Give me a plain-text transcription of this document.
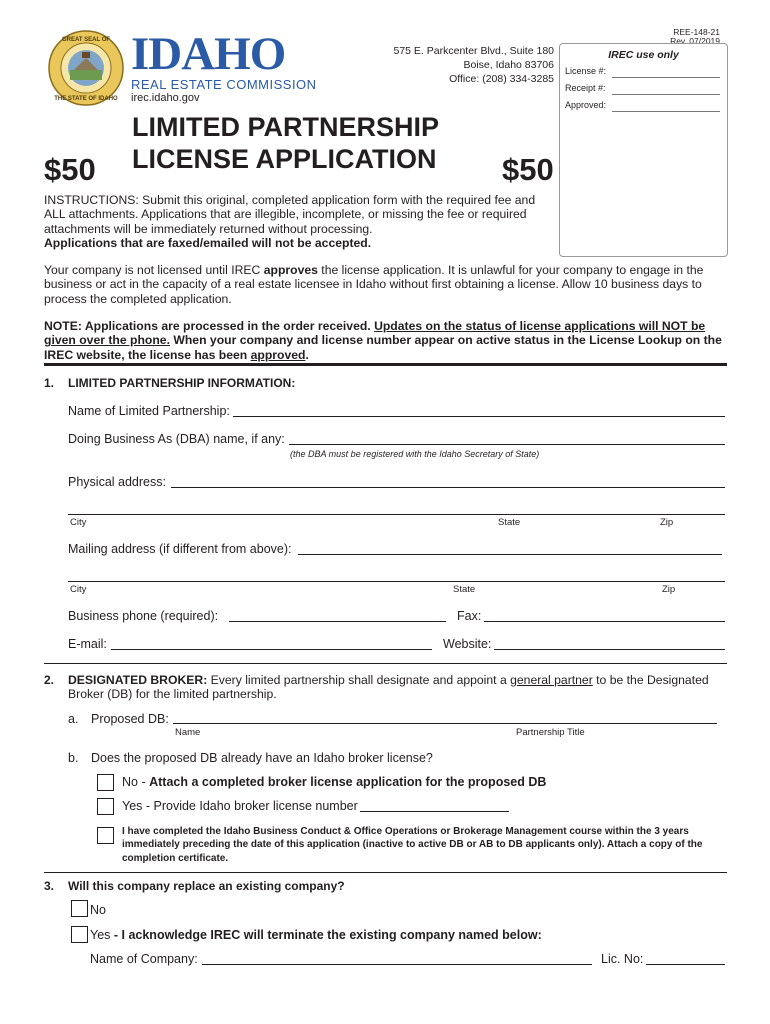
REE-148-21
Rev. 07/2019
GREAT SEAL OF
THE STATE OF IDAHO
IDAHO
REAL ESTATE COMMISSION
irec.idaho.gov
575 E. Parkcenter Blvd., Suite 180
Boise, Idaho 83706
Office: (208) 334-3285
IREC use only
License #:
Receipt #:
Approved:
LIMITED PARTNERSHIP
LICENSE APPLICATION
$50	$50
INSTRUCTIONS: Submit this original, completed application form with the required fee and ALL attachments. Applications that are illegible, incomplete, or missing the fee or required attachments will be immediately returned without processing.
Applications that are faxed/emailed will not be accepted.
Your company is not licensed until IREC approves the license application. It is unlawful for your company to engage in the business or act in the capacity of a real estate licensee in Idaho without first obtaining a license. Allow 10 business days to process the completed application.
NOTE: Applications are processed in the order received. Updates on the status of license applications will NOT be given over the phone. When your company and license number appear on active status in the License Lookup on the IREC website, the license has been approved.
1. LIMITED PARTNERSHIP INFORMATION:
Name of Limited Partnership:
Doing Business As (DBA) name, if any:
(the DBA must be registered with the Idaho Secretary of State)
Physical address:
City	State	Zip
Mailing address (if different from above):
City	State	Zip
Business phone (required):	Fax:
E-mail:	Website:
2. DESIGNATED BROKER: Every limited partnership shall designate and appoint a general partner to be the Designated Broker (DB) for the limited partnership.
a. Proposed DB:
Name	Partnership Title
b. Does the proposed DB already have an Idaho broker license?
No - Attach a completed broker license application for the proposed DB
Yes - Provide Idaho broker license number
I have completed the Idaho Business Conduct & Office Operations or Brokerage Management course within the 3 years immediately preceding the date of this application (inactive to active DB or AB to DB applicants only). Attach a copy of the completion certificate.
3. Will this company replace an existing company?
No
Yes - I acknowledge IREC will terminate the existing company named below:
Name of Company:	Lic. No:
